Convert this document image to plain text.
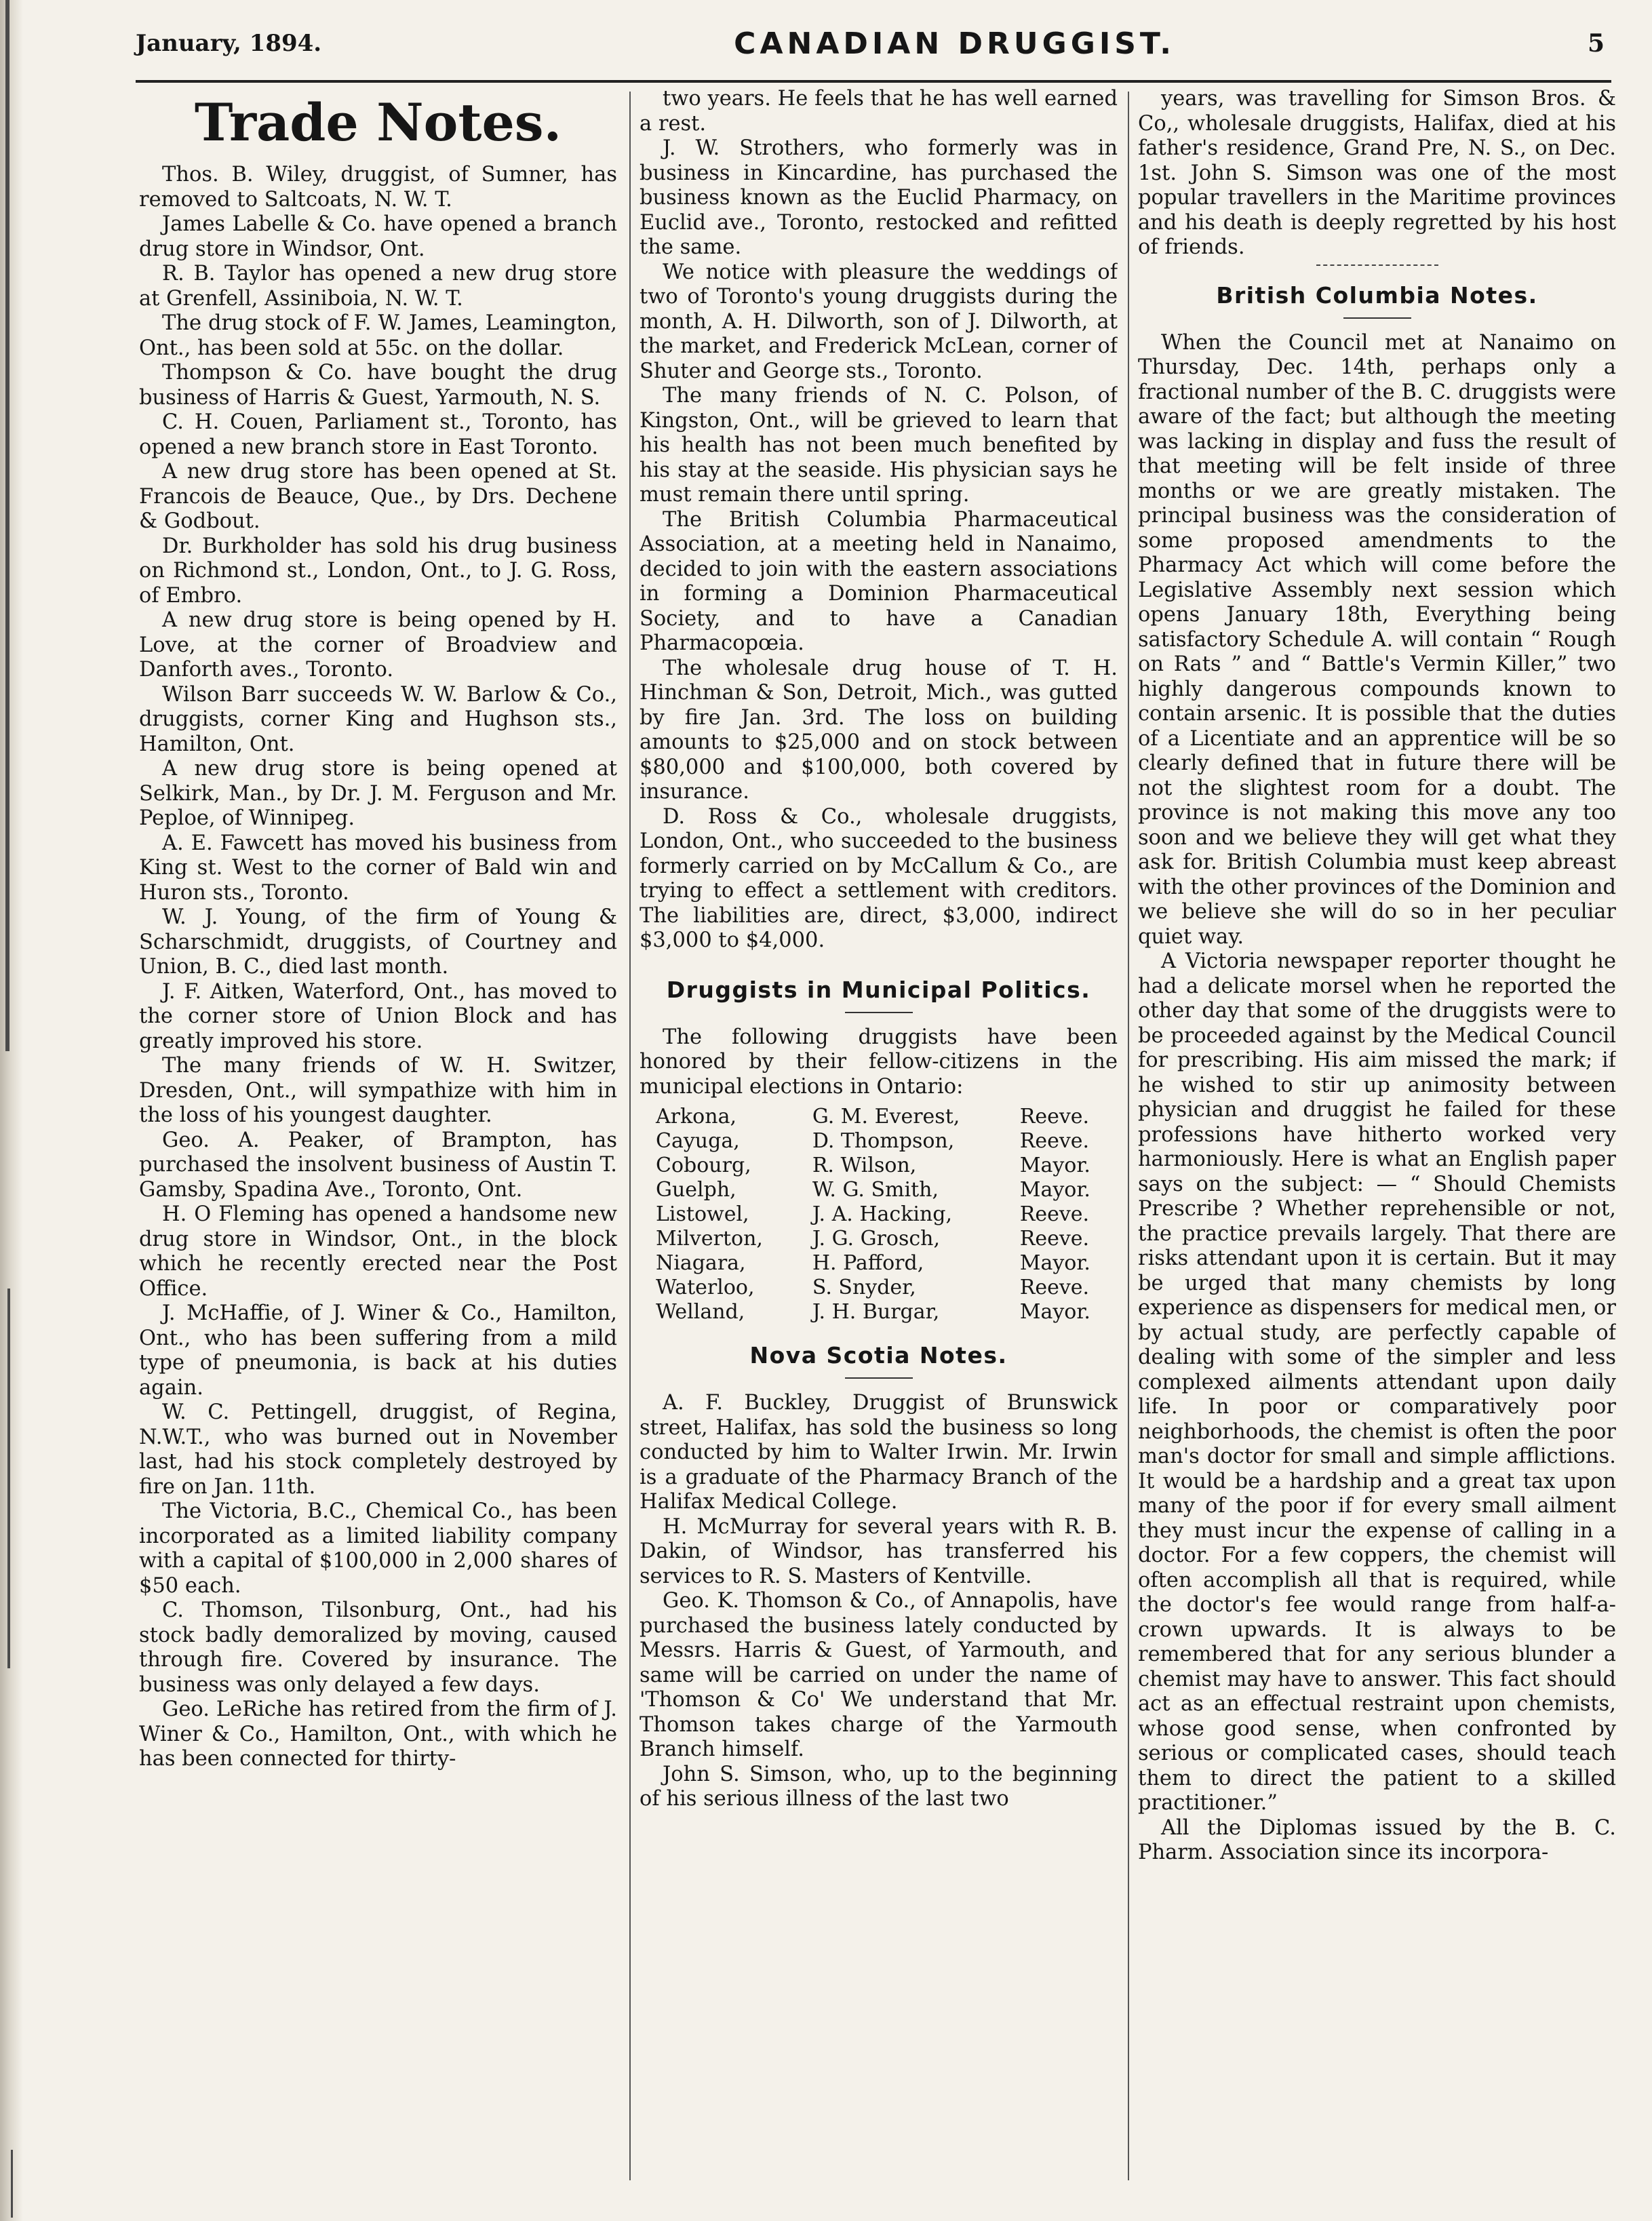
January, 1894.	CANADIAN DRUGGIST.	5
Trade Notes.

Thos. B. Wiley, druggist, of Sumner, has removed to Saltcoats, N. W. T.

James Labelle & Co. have opened a branch drug store in Windsor, Ont.

R. B. Taylor has opened a new drug store at Grenfell, Assiniboia, N. W. T.

The drug stock of F. W. James, Leamington, Ont., has been sold at 55c. on the dollar.

Thompson & Co. have bought the drug business of Harris & Guest, Yarmouth, N. S.

C. H. Couen, Parliament st., Toronto, has opened a new branch store in East Toronto.

A new drug store has been opened at St. Francois de Beauce, Que., by Drs. Dechene & Godbout.

Dr. Burkholder has sold his drug business on Richmond st., London, Ont., to J. G. Ross, of Embro.

A new drug store is being opened by H. Love, at the corner of Broadview and Danforth aves., Toronto.

Wilson Barr succeeds W. W. Barlow & Co., druggists, corner King and Hughson sts., Hamilton, Ont.

A new drug store is being opened at Selkirk, Man., by Dr. J. M. Ferguson and Mr. Peploe, of Winnipeg.

A. E. Fawcett has moved his business from King st. West to the corner of Bald win and Huron sts., Toronto.

W. J. Young, of the firm of Young & Scharschmidt, druggists, of Courtney and Union, B. C., died last month.

J. F. Aitken, Waterford, Ont., has moved to the corner store of Union Block and has greatly improved his store.

The many friends of W. H. Switzer, Dresden, Ont., will sympathize with him in the loss of his youngest daughter.

Geo. A. Peaker, of Brampton, has purchased the insolvent business of Austin T. Gamsby, Spadina Ave., Toronto, Ont.

H. O Fleming has opened a handsome new drug store in Windsor, Ont., in the block which he recently erected near the Post Office.

J. McHaffie, of J. Winer & Co., Hamilton, Ont., who has been suffering from a mild type of pneumonia, is back at his duties again.

W. C. Pettingell, druggist, of Regina, N.W.T., who was burned out in November last, had his stock completely destroyed by fire on Jan. 11th.

The Victoria, B.C., Chemical Co., has been incorporated as a limited liability company with a capital of $100,000 in 2,000 shares of $50 each.

C. Thomson, Tilsonburg, Ont., had his stock badly demoralized by moving, caused through fire. Covered by insurance. The business was only delayed a few days.

Geo. LeRiche has retired from the firm of J. Winer & Co., Hamilton, Ont., with which he has been connected for thirty-

two years. He feels that he has well earned a rest.

J. W. Strothers, who formerly was in business in Kincardine, has purchased the business known as the Euclid Pharmacy, on Euclid ave., Toronto, restocked and refitted the same.

We notice with pleasure the weddings of two of Toronto's young druggists during the month, A. H. Dilworth, son of J. Dilworth, at the market, and Frederick McLean, corner of Shuter and George sts., Toronto.

The many friends of N. C. Polson, of Kingston, Ont., will be grieved to learn that his health has not been much benefited by his stay at the seaside. His physician says he must remain there until spring.

The British Columbia Pharmaceutical Association, at a meeting held in Nanaimo, decided to join with the eastern associations in forming a Dominion Pharmaceutical Society, and to have a Canadian Pharmacopœia.

The wholesale drug house of T. H. Hinchman & Son, Detroit, Mich., was gutted by fire Jan. 3rd. The loss on building amounts to $25,000 and on stock between $80,000 and $100,000, both covered by insurance.

D. Ross & Co., wholesale druggists, London, Ont., who succeeded to the business formerly carried on by McCallum & Co., are trying to effect a settlement with creditors. The liabilities are, direct, $3,000, indirect $3,000 to $4,000.

Druggists in Municipal Politics.

The following druggists have been honored by their fellow-citizens in the municipal elections in Ontario:

Arkona,	G. M. Everest,	Reeve.
Cayuga,	D. Thompson,	Reeve.
Cobourg,	R. Wilson,	Mayor.
Guelph,	W. G. Smith,	Mayor.
Listowel,	J. A. Hacking,	Reeve.
Milverton,	J. G. Grosch,	Reeve.
Niagara,	H. Pafford,	Mayor.
Waterloo,	S. Snyder,	Reeve.
Welland,	J. H. Burgar,	Mayor.
Nova Scotia Notes.

A. F. Buckley, Druggist of Brunswick street, Halifax, has sold the business so long conducted by him to Walter Irwin. Mr. Irwin is a graduate of the Pharmacy Branch of the Halifax Medical College.

H. McMurray for several years with R. B. Dakin, of Windsor, has transferred his services to R. S. Masters of Kentville.

Geo. K. Thomson & Co., of Annapolis, have purchased the business lately conducted by Messrs. Harris & Guest, of Yarmouth, and same will be carried on under the name of 'Thomson & Co' We understand that Mr. Thomson takes charge of the Yarmouth Branch himself.

John S. Simson, who, up to the beginning of his serious illness of the last two

years, was travelling for Simson Bros. & Co,, wholesale druggists, Halifax, died at his father's residence, Grand Pre, N. S., on Dec. 1st. John S. Simson was one of the most popular travellers in the Maritime provinces and his death is deeply regretted by his host of friends.

British Columbia Notes.

When the Council met at Nanaimo on Thursday, Dec. 14th, perhaps only a fractional number of the B. C. druggists were aware of the fact; but although the meeting was lacking in display and fuss the result of that meeting will be felt inside of three months or we are greatly mistaken. The principal business was the consideration of some proposed amendments to the Pharmacy Act which will come before the Legislative Assembly next session which opens January 18th, Everything being satisfactory Schedule A. will contain “ Rough on Rats ” and “ Battle's Vermin Killer,” two highly dangerous compounds known to contain arsenic. It is possible that the duties of a Licentiate and an apprentice will be so clearly defined that in future there will be not the slightest room for a doubt. The province is not making this move any too soon and we believe they will get what they ask for. British Columbia must keep abreast with the other provinces of the Dominion and we believe she will do so in her peculiar quiet way.

A Victoria newspaper reporter thought he had a delicate morsel when he reported the other day that some of the druggists were to be proceeded against by the Medical Council for prescribing. His aim missed the mark; if he wished to stir up animosity between physician and druggist he failed for these professions have hitherto worked very harmoniously. Here is what an English paper says on the subject: — “ Should Chemists Prescribe ? Whether reprehensible or not, the practice prevails largely. That there are risks attendant upon it is certain. But it may be urged that many chemists by long experience as dispensers for medical men, or by actual study, are perfectly capable of dealing with some of the simpler and less complexed ailments attendant upon daily life. In poor or comparatively poor neighborhoods, the chemist is often the poor man's doctor for small and simple afflictions. It would be a hardship and a great tax upon many of the poor if for every small ailment they must incur the expense of calling in a doctor. For a few coppers, the chemist will often accomplish all that is required, while the doctor's fee would range from half-a-crown upwards. It is always to be remembered that for any serious blunder a chemist may have to answer. This fact should act as an effectual restraint upon chemists, whose good sense, when confronted by serious or complicated cases, should teach them to direct the patient to a skilled practitioner.”

All the Diplomas issued by the B. C. Pharm. Association since its incorpora-
